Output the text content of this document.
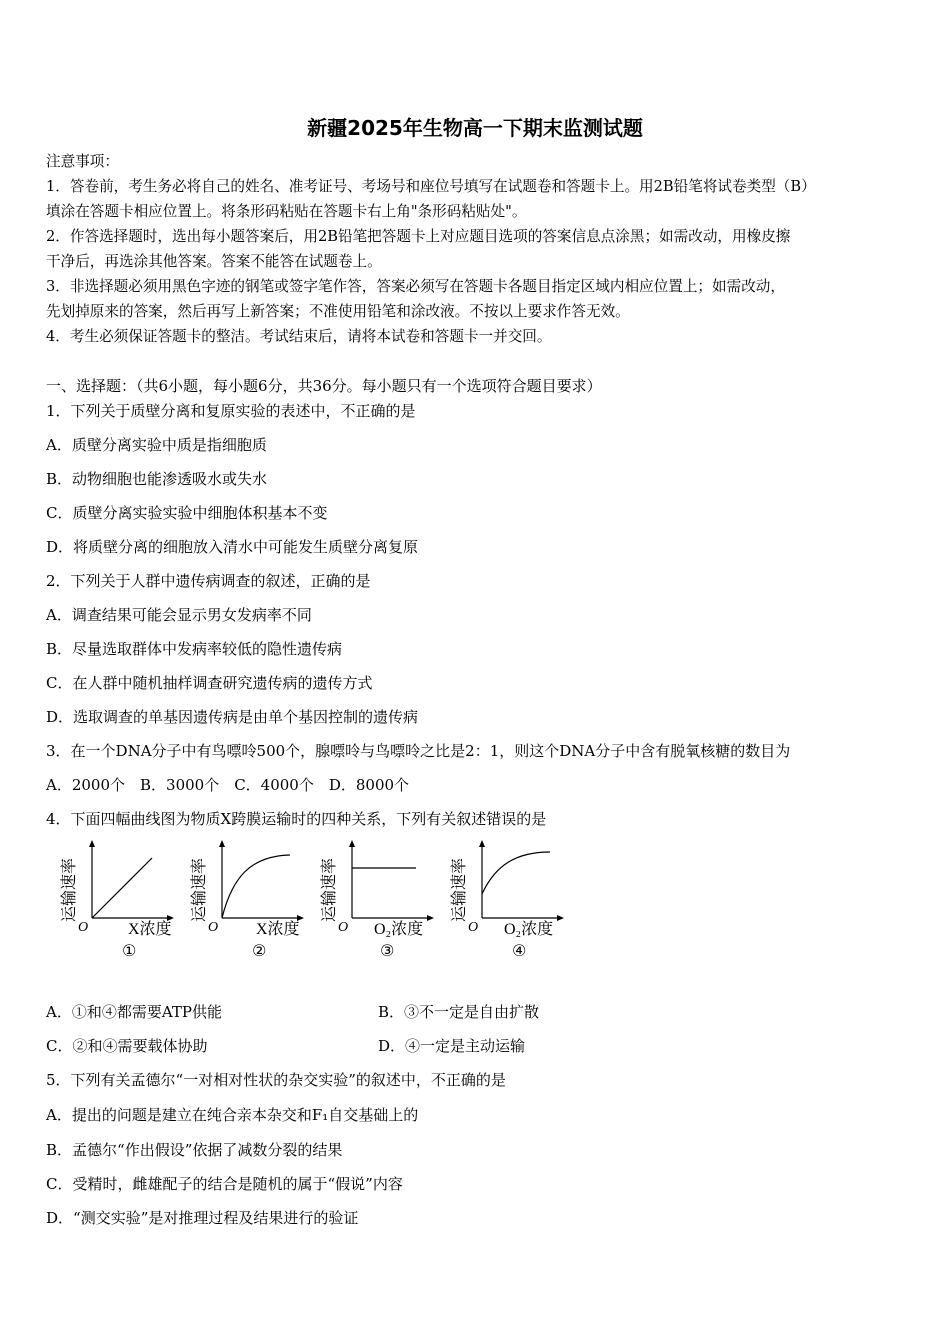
新疆2025年生物高一下期末监测试题
注意事项：
1．答卷前，考生务必将自己的姓名、准考证号、考场号和座位号填写在试题卷和答题卡上。用2B铅笔将试卷类型（B）
填涂在答题卡相应位置上。将条形码粘贴在答题卡右上角"条形码粘贴处"。
2．作答选择题时，选出每小题答案后，用2B铅笔把答题卡上对应题目选项的答案信息点涂黑；如需改动，用橡皮擦
干净后，再选涂其他答案。答案不能答在试题卷上。
3．非选择题必须用黑色字迹的钢笔或签字笔作答，答案必须写在答题卡各题目指定区域内相应位置上；如需改动，
先划掉原来的答案，然后再写上新答案；不准使用铅笔和涂改液。不按以上要求作答无效。
4．考生必须保证答题卡的整洁。考试结束后，请将本试卷和答题卡一并交回。
一、选择题：（共6小题，每小题6分，共36分。每小题只有一个选项符合题目要求）
1．下列关于质壁分离和复原实验的表述中，不正确的是
A．质壁分离实验中质是指细胞质
B．动物细胞也能渗透吸水或失水
C．质壁分离实验实验中细胞体积基本不变
D．将质壁分离的细胞放入清水中可能发生质壁分离复原
2．下列关于人群中遗传病调查的叙述，正确的是
A．调查结果可能会显示男女发病率不同
B．尽量选取群体中发病率较低的隐性遗传病
C．在人群中随机抽样调查研究遗传病的遗传方式
D．选取调查的单基因遗传病是由单个基因控制的遗传病
3．在一个DNA分子中有鸟嘌呤500个，腺嘌呤与鸟嘌呤之比是2：1，则这个DNA分子中含有脱氧核糖的数目为
A．2000个　B．3000个　C．4000个　D．8000个
4．下面四幅曲线图为物质X跨膜运输时的四种关系，下列有关叙述错误的是
运输速率
O X浓度
①
运输速率
O X浓度
②
运输速率
O O₂浓度
③
运输速率
O O₂浓度
④
A．①和④都需要ATP供能	B．③不一定是自由扩散
C．②和④需要载体协助	D．④一定是主动运输
5．下列有关孟德尔“一对相对性状的杂交实验”的叙述中，不正确的是
A．提出的问题是建立在纯合亲本杂交和F₁自交基础上的
B．孟德尔“作出假设”依据了减数分裂的结果
C．受精时，雌雄配子的结合是随机的属于“假说”内容
D．“测交实验”是对推理过程及结果进行的验证
